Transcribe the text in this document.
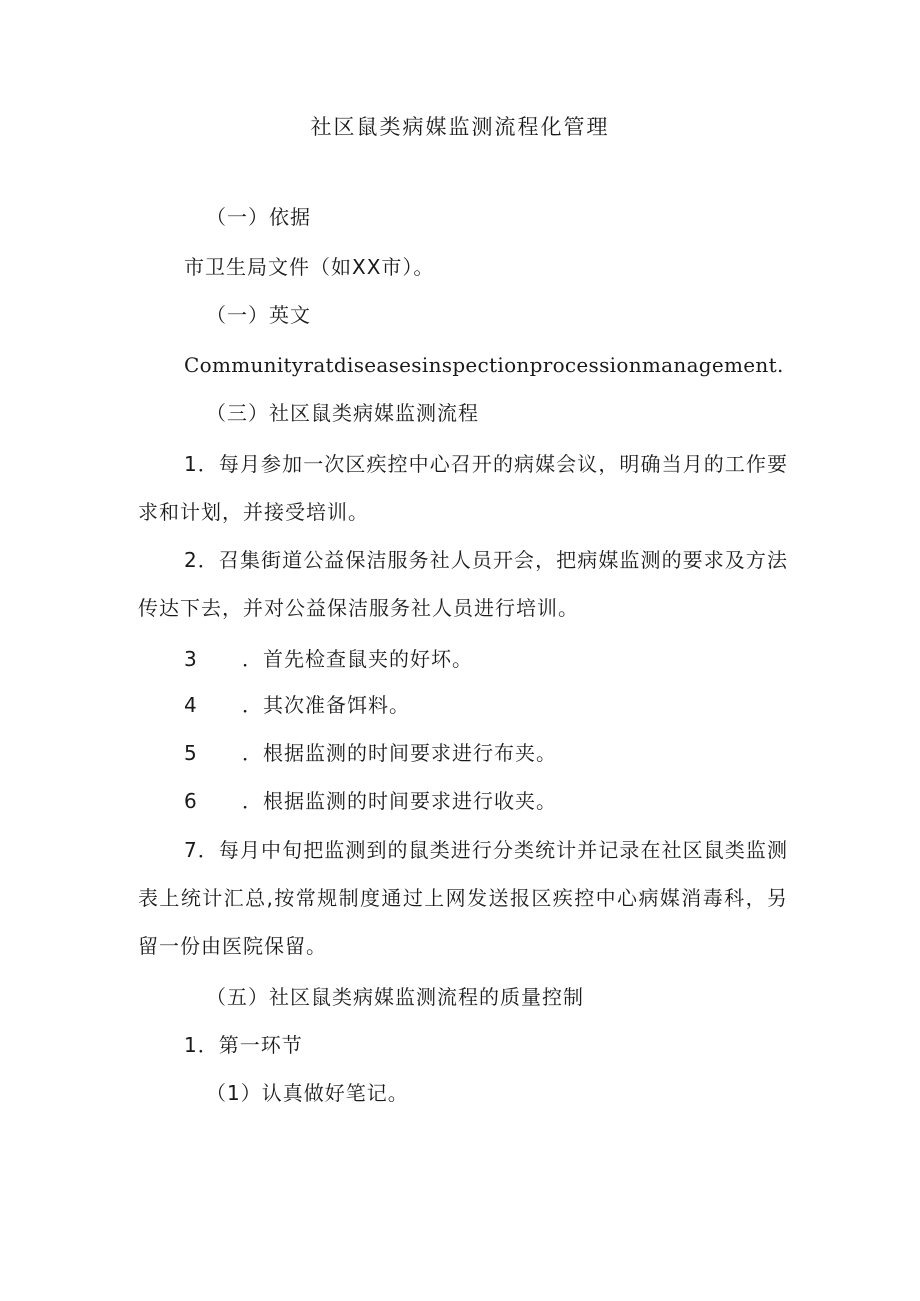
社区鼠类病媒监测流程化管理
（一）依据
市卫生局文件（如XX市）。
（一）英文
Communityratdiseasesinspectionprocessionmanagement.
（三）社区鼠类病媒监测流程
1．每月参加一次区疾控中心召开的病媒会议，明确当月的工作要求和计划，并接受培训。
2．召集街道公益保洁服务社人员开会，把病媒监测的要求及方法传达下去，并对公益保洁服务社人员进行培训。
3 ．首先检查鼠夹的好坏。
4 ．其次准备饵料。
5 ．根据监测的时间要求进行布夹。
6 ．根据监测的时间要求进行收夹。
7．每月中旬把监测到的鼠类进行分类统计并记录在社区鼠类监测表上统计汇总,按常规制度通过上网发送报区疾控中心病媒消毒科，另留一份由医院保留。
（五）社区鼠类病媒监测流程的质量控制
1．第一环节
（1）认真做好笔记。
